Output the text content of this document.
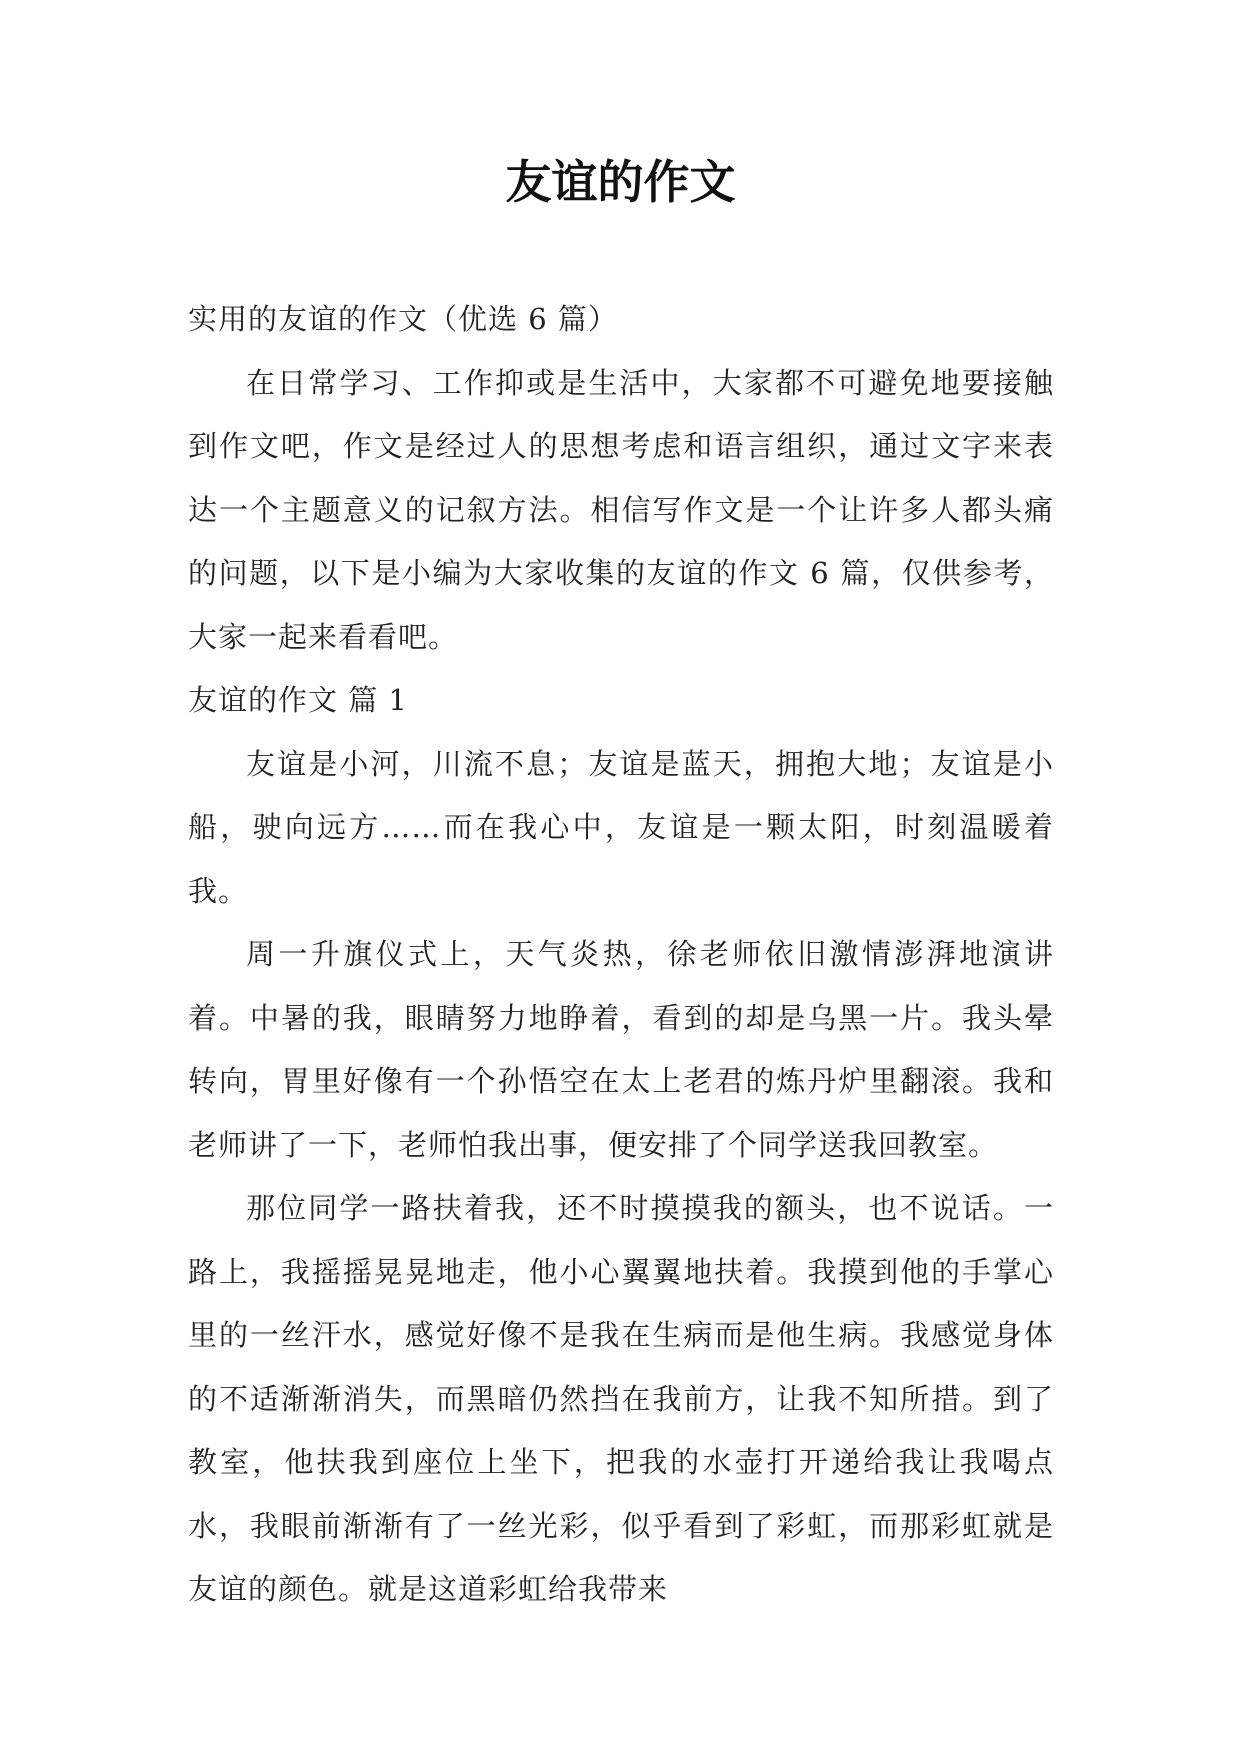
友谊的作文

实用的友谊的作文（优选 6 篇）

在日常学习、工作抑或是生活中，大家都不可避免地要接触到作文吧，作文是经过人的思想考虑和语言组织，通过文字来表达一个主题意义的记叙方法。相信写作文是一个让许多人都头痛的问题，以下是小编为大家收集的友谊的作文 6 篇，仅供参考，大家一起来看看吧。

友谊的作文 篇 1

友谊是小河，川流不息；友谊是蓝天，拥抱大地；友谊是小船，驶向远方……而在我心中，友谊是一颗太阳，时刻温暖着我。

周一升旗仪式上，天气炎热，徐老师依旧激情澎湃地演讲着。中暑的我，眼睛努力地睁着，看到的却是乌黑一片。我头晕转向，胃里好像有一个孙悟空在太上老君的炼丹炉里翻滚。我和老师讲了一下，老师怕我出事，便安排了个同学送我回教室。

那位同学一路扶着我，还不时摸摸我的额头，也不说话。一路上，我摇摇晃晃地走，他小心翼翼地扶着。我摸到他的手掌心里的一丝汗水，感觉好像不是我在生病而是他生病。我感觉身体的不适渐渐消失，而黑暗仍然挡在我前方，让我不知所措。到了教室，他扶我到座位上坐下，把我的水壶打开递给我让我喝点水，我眼前渐渐有了一丝光彩，似乎看到了彩虹，而那彩虹就是友谊的颜色。就是这道彩虹给我带来
